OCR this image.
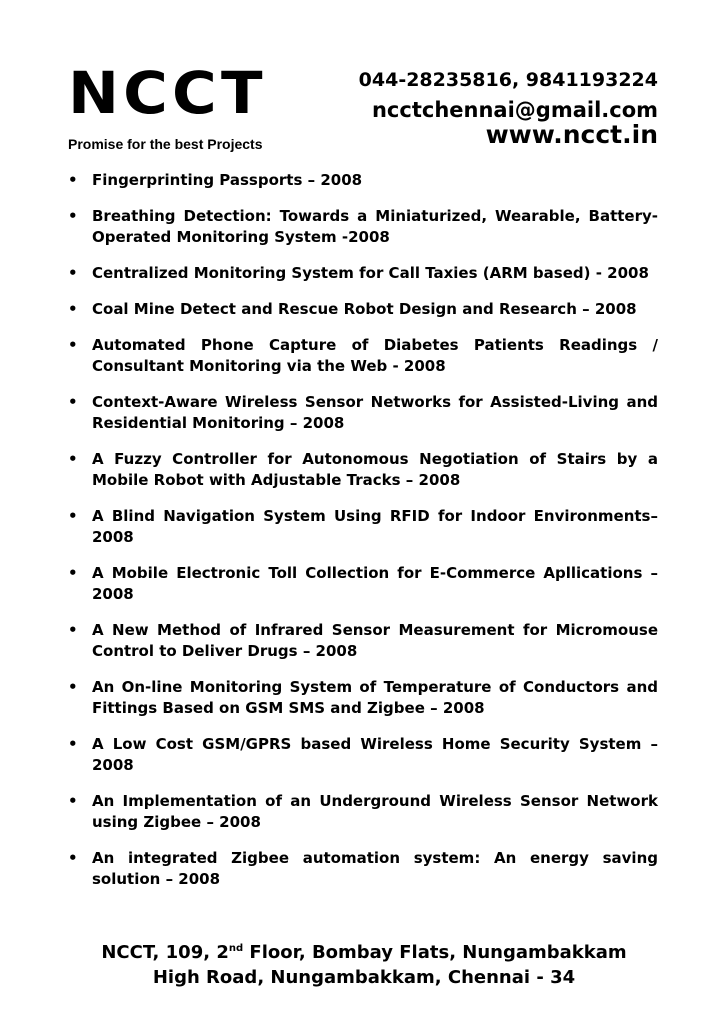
NCCT
Promise for the best Projects
044-28235816, 9841193224
ncctchennai@gmail.com
www.ncct.in
• Fingerprinting Passports – 2008
• Breathing Detection: Towards a Miniaturized, Wearable, Battery-Operated Monitoring System -2008
• Centralized Monitoring System for Call Taxies (ARM based) - 2008
• Coal Mine Detect and Rescue Robot Design and Research – 2008
• Automated Phone Capture of Diabetes Patients Readings / Consultant Monitoring via the Web - 2008
• Context-Aware Wireless Sensor Networks for Assisted-Living and Residential Monitoring – 2008
• A Fuzzy Controller for Autonomous Negotiation of Stairs by a Mobile Robot with Adjustable Tracks – 2008
• A Blind Navigation System Using RFID for Indoor Environments– 2008
• A Mobile Electronic Toll Collection for E-Commerce Apllications – 2008
• A New Method of Infrared Sensor Measurement for Micromouse Control to Deliver Drugs – 2008
• An On-line Monitoring System of Temperature of Conductors and Fittings Based on GSM SMS and Zigbee – 2008
• A Low Cost GSM/GPRS based Wireless Home Security System – 2008
• An Implementation of an Underground Wireless Sensor Network using Zigbee – 2008
• An integrated Zigbee automation system: An energy saving solution – 2008
NCCT, 109, 2nd Floor, Bombay Flats, Nungambakkam
High Road, Nungambakkam, Chennai - 34
